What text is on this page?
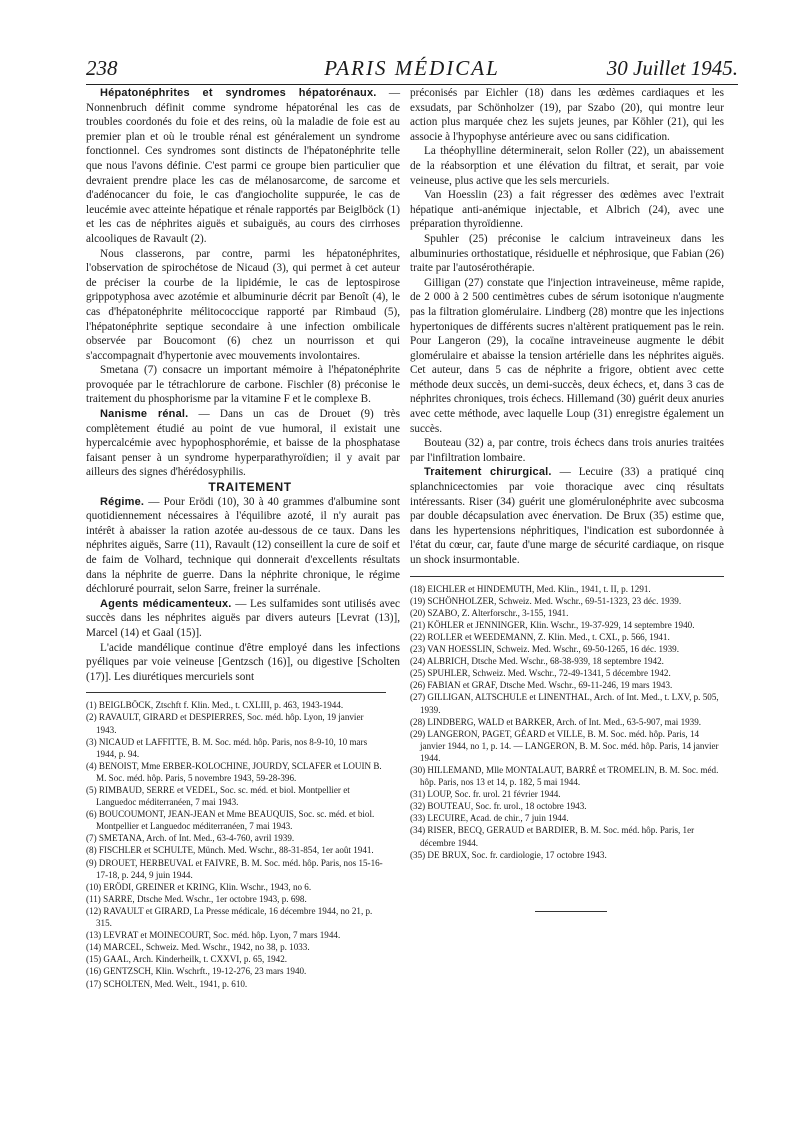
238	PARIS MÉDICAL	30 Juillet 1945.

Hépatonéphrites et syndromes hépatorénaux. — Nonnenbruch définit comme syndrome hépatorénal les cas de troubles coordonés du foie et des reins, où la maladie de foie est au premier plan et où le trouble rénal est généralement un syndrome fonctionnel. Ces syndromes sont distincts de l'hépatonéphrite telle que nous l'avons définie. C'est parmi ce groupe bien particulier que devraient prendre place les cas de mélanosarcome, de sarcome et d'adénocancer du foie, le cas d'angiocholite suppurée, le cas de leucémie avec atteinte hépatique et rénale rapportés par Beiglböck (1) et les cas de néphrites aiguës et subaiguës, au cours des cirrhoses alcooliques de Ravault (2).

Nous classerons, par contre, parmi les hépatonéphrites, l'observation de spirochétose de Nicaud (3), qui permet à cet auteur de préciser la courbe de la lipidémie, le cas de leptospirose grippotyphosa avec azotémie et albuminurie décrit par Benoît (4), le cas d'hépatonéphrite mélitococcique rapporté par Rimbaud (5), l'hépatonéphrite septique secondaire à une infection ombilicale observée par Boucomont (6) chez un nourrisson et qui s'accompagnait d'hypertonie avec mouvements involontaires.

Smetana (7) consacre un important mémoire à l'hépatonéphrite provoquée par le tétrachlorure de carbone. Fischler (8) préconise le traitement du phosphorisme par la vitamine F et le complexe B.

Nanisme rénal. — Dans un cas de Drouet (9) très complètement étudié au point de vue humoral, il existait une hypercalcémie avec hypophosphorémie, et baisse de la phosphatase faisant penser à un syndrome hyperparathyroïdien; il y avait par ailleurs des signes d'hérédosyphilis.

TRAITEMENT

Régime. — Pour Erödi (10), 30 à 40 grammes d'albumine sont quotidiennement nécessaires à l'équilibre azoté, il n'y aurait pas intérêt à abaisser la ration azotée au-dessous de ce taux. Dans les néphrites aiguës, Sarre (11), Ravault (12) conseillent la cure de soif et de faim de Volhard, technique qui donnerait d'excellents résultats dans la néphrite de guerre. Dans la néphrite chronique, le régime déchloruré pourrait, selon Sarre, freiner la surrénale.

Agents médicamenteux. — Les sulfamides sont utilisés avec succès dans les néphrites aiguës par divers auteurs [Levrat (13)], Marcel (14) et Gaal (15)].

L'acide mandélique continue d'être employé dans les infections pyéliques par voie veineuse [Gentzsch (16)], ou digestive [Scholten (17)]. Les diurétiques mercuriels sont

(1) BEIGLBÖCK, Ztschft f. Klin. Med., t. CXLIII, p. 463, 1943-1944.
(2) RAVAULT, GIRARD et DESPIERRES, Soc. méd. hôp. Lyon, 19 janvier 1943.
(3) NICAUD et LAFFITTE, B. M. Soc. méd. hôp. Paris, nos 8-9-10, 10 mars 1944, p. 94.
(4) BENOIST, Mme ERBER-KOLOCHINE, JOURDY, SCLAFER et LOUIN B. M. Soc. méd. hôp. Paris, 5 novembre 1943, 59-28-396.
(5) RIMBAUD, SERRE et VEDEL, Soc. sc. méd. et biol. Montpellier et Languedoc méditerranéen, 7 mai 1943.
(6) BOUCOUMONT, JEAN-JEAN et Mme BEAUQUIS, Soc. sc. méd. et biol. Montpellier et Languedoc méditerranéen, 7 mai 1943.
(7) SMETANA, Arch. of Int. Med., 63-4-760, avril 1939.
(8) FISCHLER et SCHULTE, Münch. Med. Wschr., 88-31-854, 1er août 1941.
(9) DROUET, HERBEUVAL et FAIVRE, B. M. Soc. méd. hôp. Paris, nos 15-16-17-18, p. 244, 9 juin 1944.
(10) ERÖDI, GREINER et KRING, Klin. Wschr., 1943, no 6.
(11) SARRE, Dtsche Med. Wschr., 1er octobre 1943, p. 698.
(12) RAVAULT et GIRARD, La Presse médicale, 16 décembre 1944, no 21, p. 315.
(13) LEVRAT et MOINECOURT, Soc. méd. hôp. Lyon, 7 mars 1944.
(14) MARCEL, Schweiz. Med. Wschr., 1942, no 38, p. 1033.
(15) GAAL, Arch. Kinderheilk, t. CXXVI, p. 65, 1942.
(16) GENTZSCH, Klin. Wschrft., 19-12-276, 23 mars 1940.
(17) SCHOLTEN, Med. Welt., 1941, p. 610.

préconisés par Eichler (18) dans les œdèmes cardiaques et les exsudats, par Schönholzer (19), par Szabo (20), qui montre leur action plus marquée chez les sujets jeunes, par Köhler (21), qui les associe à l'hypophyse antérieure avec ou sans cidification.

La théophylline déterminerait, selon Roller (22), un abaissement de la réabsorption et une élévation du filtrat, et serait, par voie veineuse, plus active que les sels mercuriels.

Van Hoesslin (23) a fait régresser des œdèmes avec l'extrait hépatique anti-anémique injectable, et Albrich (24), avec une préparation thyroïdienne.

Spuhler (25) préconise le calcium intraveineux dans les albuminuries orthostatique, résiduelle et néphrosique, que Fabian (26) traite par l'autosérothérapie.

Gilligan (27) constate que l'injection intraveineuse, même rapide, de 2 000 à 2 500 centimètres cubes de sérum isotonique n'augmente pas la filtration glomérulaire. Lindberg (28) montre que les injections hypertoniques de différents sucres n'altèrent pratiquement pas le rein. Pour Langeron (29), la cocaïne intraveineuse augmente le débit glomérulaire et abaisse la tension artérielle dans les néphrites aiguës. Cet auteur, dans 5 cas de néphrite a frigore, obtient avec cette méthode deux succès, un demi-succès, deux échecs, et, dans 3 cas de néphrites chroniques, trois échecs. Hillemand (30) guérit deux anuries avec cette méthode, avec laquelle Loup (31) enregistre également un succès.

Bouteau (32) a, par contre, trois échecs dans trois anuries traitées par l'infiltration lombaire.

Traitement chirurgical. — Lecuire (33) a pratiqué cinq splanchnicectomies par voie thoracique avec cinq résultats intéressants. Riser (34) guérit une glomérulonéphrite avec subcosma par double décapsulation avec énervation. De Brux (35) estime que, dans les hypertensions néphritiques, l'indication est subordonnée à l'état du cœur, car, faute d'une marge de sécurité cardiaque, on risque un shock insurmontable.

(18) EICHLER et HINDEMUTH, Med. Klin., 1941, t. II, p. 1291.
(19) SCHÖNHOLZER, Schweiz. Med. Wschr., 69-51-1323, 23 déc. 1939.
(20) SZABO, Z. Alterforschr., 3-155, 1941.
(21) KÖHLER et JENNINGER, Klin. Wschr., 19-37-929, 14 septembre 1940.
(22) ROLLER et WEEDEMANN, Z. Klin. Med., t. CXL, p. 566, 1941.
(23) VAN HOESSLIN, Schweiz. Med. Wschr., 69-50-1265, 16 déc. 1939.
(24) ALBRICH, Dtsche Med. Wschr., 68-38-939, 18 septembre 1942.
(25) SPUHLER, Schweiz. Med. Wschr., 72-49-1341, 5 décembre 1942.
(26) FABIAN et GRAF, Dtsche Med. Wschr., 69-11-246, 19 mars 1943.
(27) GILLIGAN, ALTSCHULE et LINENTHAL, Arch. of Int. Med., t. LXV, p. 505, 1939.
(28) LINDBERG, WALD et BARKER, Arch. of Int. Med., 63-5-907, mai 1939.
(29) LANGERON, PAGET, GÉARD et VILLE, B. M. Soc. méd. hôp. Paris, 14 janvier 1944, no 1, p. 14. — LANGERON, B. M. Soc. méd. hôp. Paris, 14 janvier 1944.
(30) HILLEMAND, Mlle MONTALAUT, BARRÉ et TROMELIN, B. M. Soc. méd. hôp. Paris, nos 13 et 14, p. 182, 5 mai 1944.
(31) LOUP, Soc. fr. urol. 21 février 1944.
(32) BOUTEAU, Soc. fr. urol., 18 octobre 1943.
(33) LECUIRE, Acad. de chir., 7 juin 1944.
(34) RISER, BECQ, GERAUD et BARDIER, B. M. Soc. méd. hôp. Paris, 1er décembre 1944.
(35) DE BRUX, Soc. fr. cardiologie, 17 octobre 1943.
